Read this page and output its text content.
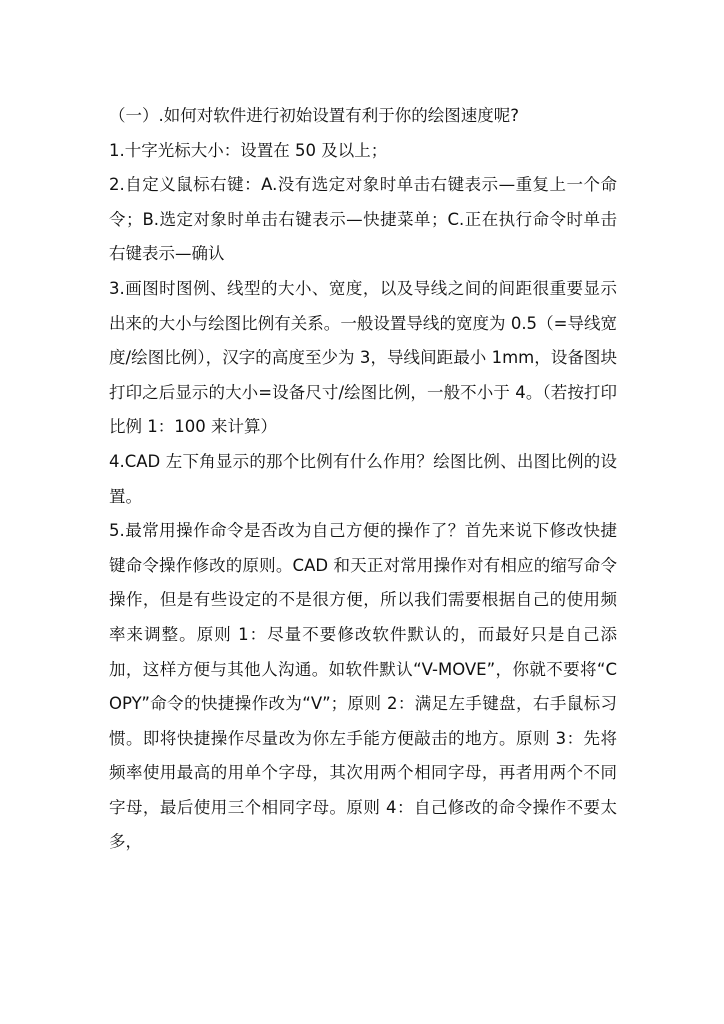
（一）.如何对软件进行初始设置有利于你的绘图速度呢?

1.十字光标大小：设置在 50 及以上；

2.自定义鼠标右键：A.没有选定对象时单击右键表示—重复上一个命令；B.选定对象时单击右键表示—快捷菜单；C.正在执行命令时单击右键表示—确认

3.画图时图例、线型的大小、宽度，以及导线之间的间距很重要显示出来的大小与绘图比例有关系。一般设置导线的宽度为 0.5（=导线宽度/绘图比例），汉字的高度至少为 3，导线间距最小 1mm，设备图块打印之后显示的大小=设备尺寸/绘图比例，一般不小于 4。（若按打印比例 1：100 来计算）

4.CAD 左下角显示的那个比例有什么作用？绘图比例、出图比例的设置。

5.最常用操作命令是否改为自己方便的操作了？首先来说下修改快捷键命令操作修改的原则。CAD 和天正对常用操作对有相应的缩写命令操作，但是有些设定的不是很方便，所以我们需要根据自己的使用频率来调整。原则 1：尽量不要修改软件默认的，而最好只是自己添加，这样方便与其他人沟通。如软件默认“V-MOVE”，你就不要将“COPY”命令的快捷操作改为“V”；原则 2：满足左手键盘，右手鼠标习惯。即将快捷操作尽量改为你左手能方便敲击的地方。原则 3：先将频率使用最高的用单个字母，其次用两个相同字母，再者用两个不同字母，最后使用三个相同字母。原则 4：自己修改的命令操作不要太多，
